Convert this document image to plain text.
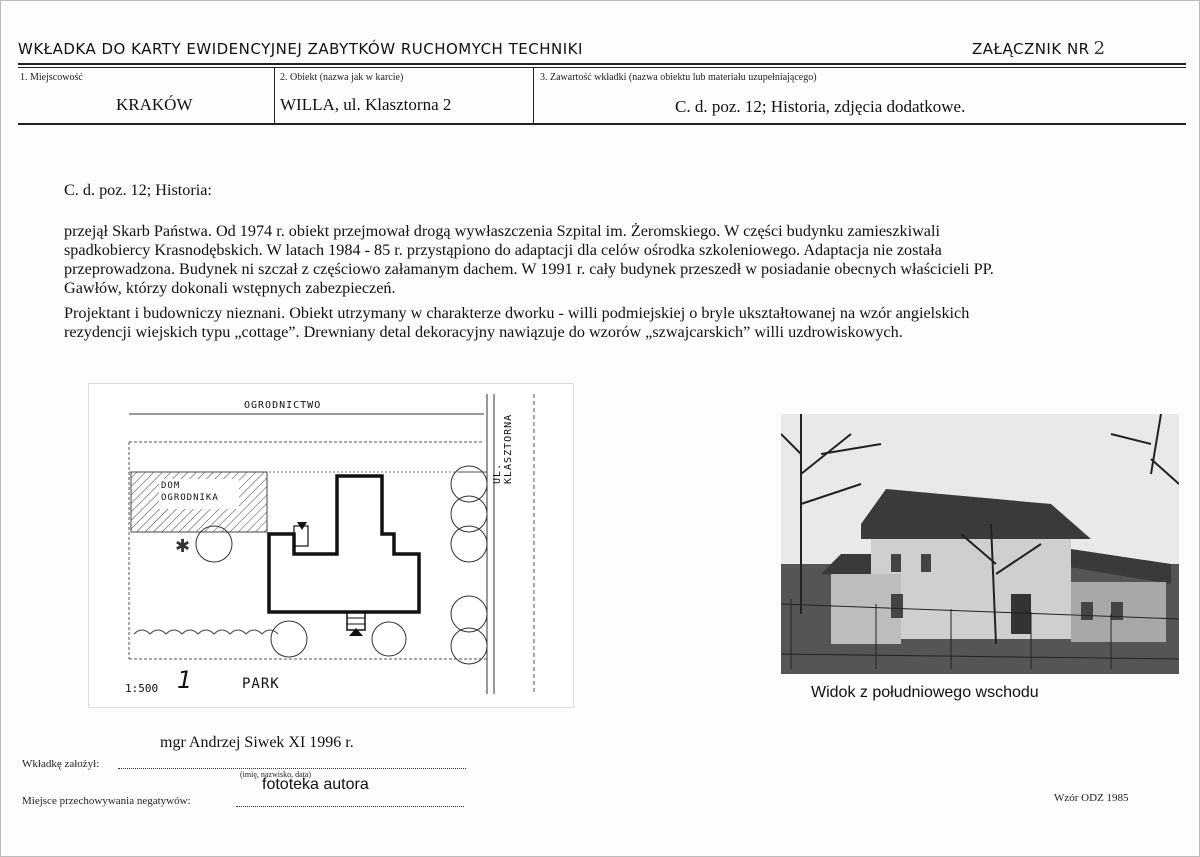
WKŁADKA DO KARTY EWIDENCYJNEJ ZABYTKÓW RUCHOMYCH TECHNIKI	ZAŁĄCZNIK NR 2
1. Miejscowość
KRAKÓW
2. Obiekt (nazwa jak w karcie)
WILLA, ul. Klasztorna 2
3. Zawartość wkładki (nazwa obiektu lub materiału uzupełniającego)
C. d. poz. 12; Historia, zdjęcia dodatkowe.
C. d. poz. 12; Historia:
przejął Skarb Państwa. Od 1974 r. obiekt przejmował drogą wywłaszczenia Szpital im. Żeromskiego. W części budynku zamieszkiwali
spadkobiercy Krasnodębskich. W latach 1984 - 85 r. przystąpiono do adaptacji dla celów ośrodka szkoleniowego. Adaptacja nie została
przeprowadzona. Budynek ni szczał z częściowo załamanym dachem. W 1991 r. cały budynek przeszedł w posiadanie obecnych właścicieli PP.
Gawłów, którzy dokonali wstępnych zabezpieczeń.
Projektant i budowniczy nieznani. Obiekt utrzymany w charakterze dworku - willi podmiejskiej o bryle ukształtowanej na wzór angielskich
rezydencji wiejskich typu „cottage”. Drewniany detal dekoracyjny nawiązuje do wzorów „szwajcarskich” willi uzdrowiskowych.
✱
OGRODNICTWO
UL. KLASZTORNA
DOM
OGRODNIKA
PARK
1:500 1	Widok z południowego wschodu
mgr Andrzej Siwek XI 1996 r.
Wkładkę założył:
(imię, nazwisko, data)
fototeka autora
Miejsce przechowywania negatywów:	Wzór ODZ 1985
